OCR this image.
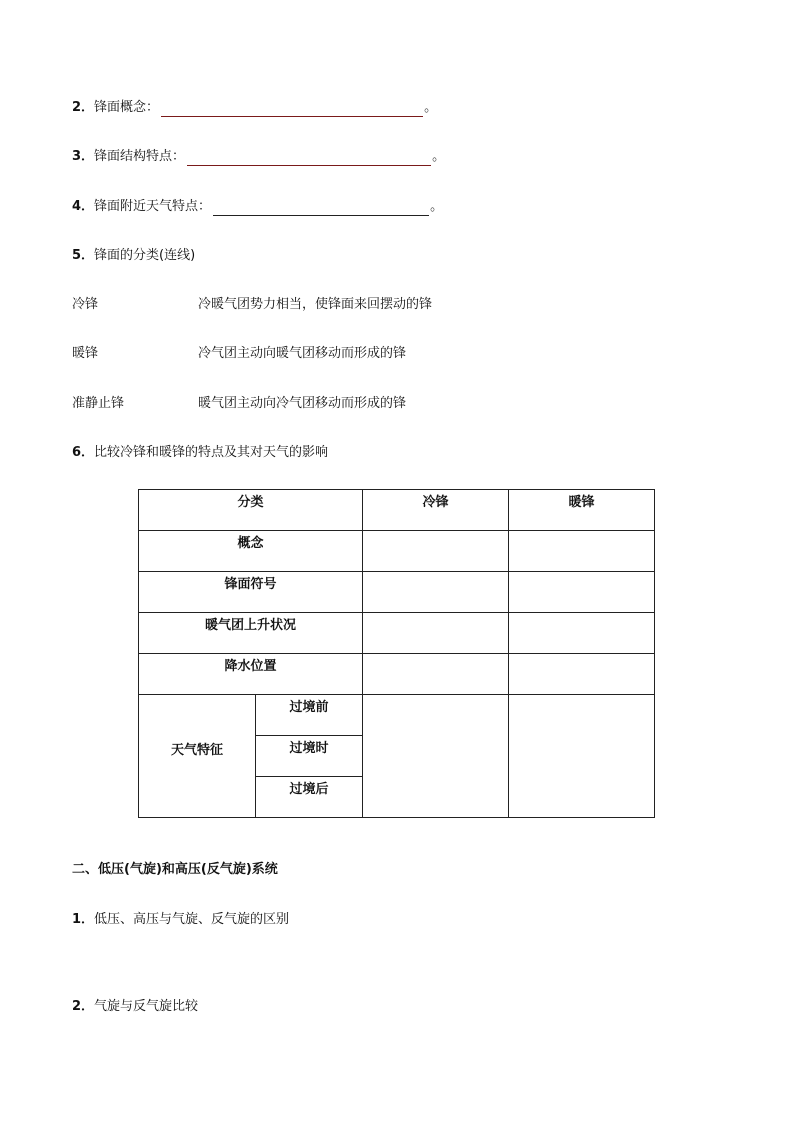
2．锋面概念：	。
3．锋面结构特点：	。
4．锋面附近天气特点：	。
5．锋面的分类(连线)
冷锋	冷暖气团势力相当，使锋面来回摆动的锋
暖锋	冷气团主动向暖气团移动而形成的锋
准静止锋	暖气团主动向冷气团移动而形成的锋
6．比较冷锋和暖锋的特点及其对天气的影响
分类		冷锋	暖锋

概念			

锋面符号			

暖气团上升状况			

降水位置			

天气特征	过境前		

	过境时		

	过境后		
二、低压(气旋)和高压(反气旋)系统
1．低压、高压与气旋、反气旋的区别
2．气旋与反气旋比较
